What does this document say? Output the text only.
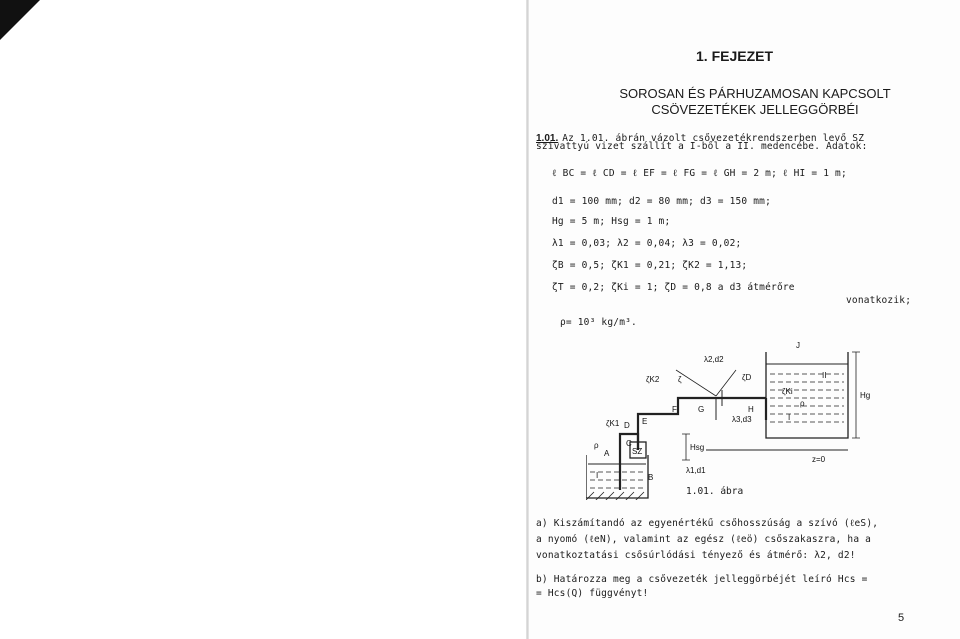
1. FEJEZET
SOROSAN ÉS PÁRHUZAMOSAN KAPCSOLT
CSÖVEZETÉKEK JELLEGGÖRBÉI
1.01. Az 1.01. ábrán vázolt csővezetékrendszerben levő SZ
szivattyú vizet szállít a I-ből a II. medencébe. Adatok:
ℓ BC = ℓ CD = ℓ EF = ℓ FG = ℓ GH = 2 m; ℓ HI = 1 m;
d1 = 100 mm; d2 = 80 mm; d3 = 150 mm;
Hg = 5 m; Hsg = 1 m;
λ1 = 0,03; λ2 = 0,04; λ3 = 0,02;
ζB = 0,5; ζK1 = 0,21; ζK2 = 1,13;
ζT = 0,2; ζKi = 1; ζD = 0,8 a d3 átmérőre
vonatkozik;
ρ= 10³ kg/m³.
λ2,d2
λ3,d3
λ1,d1
ζK2
ζK1
ζD
ζKi
ζ
ρ
ρ
A
B
C
D E
F	G	H
I
J
SZ	Hsg
Hg
z=0
I
II
1.01. ábra
a) Kiszámítandó az egyenértékű csőhosszúság a szívó (ℓeS),
a nyomó (ℓeN), valamint az egész (ℓeö) csőszakaszra, ha a
vonatkoztatási csősúrlódási tényező és átmérő: λ2, d2!
b) Határozza meg a csővezeték jelleggörbéjét leíró Hcs =
= Hcs(Q) függvényt!
5
